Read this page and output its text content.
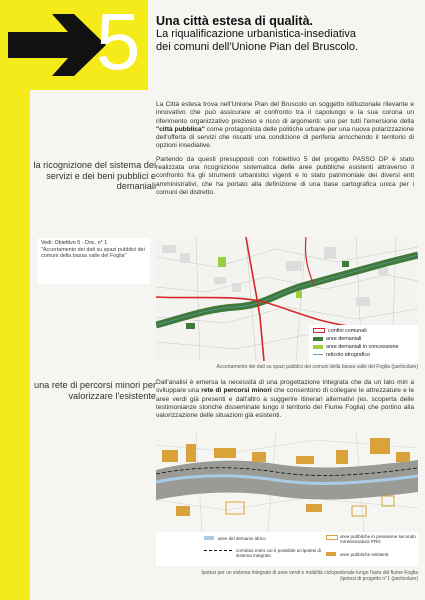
5 Una città estesa di qualità.
La riqualificazione urbanistica-insediativa
dei comuni dell'Unione Pian del Bruscolo.

La Città estesa trova nell'Unione Pian del Bruscolo un soggetto istituzionale rilevante e innovativo che può assicurare al confronto tra il capoluogo e la sua corona un riferimento organizzativo prezioso e ricco di argomenti: uno per tutti l'emersione della "città pubblica" come protagonista delle politiche urbane per una nuova polarizzazione dell'offerta di servizi che riscatti una condizione di periferia arricchendo il territorio di opzioni insediative.

Partendo da questi presupposti con l'obiettivo 5 del progetto PASSO DP è stato realizzata una ricognizione sistematica delle aree pubbliche esistenti attraverso il confronto fra gli strumenti urbanistici vigenti e lo stato patrimoniale dei diversi enti amministrativi, che ha portato alla definizione di una base cartografica unica per i comuni del distretto.

la ricognizione del sistema dei servizi e dei beni pubblici e demaniali
Vedi: Obiettivo 5 - Doc. n° 1
"Accertamento dei dati su spazi pubblici dei comuni della bassa valle del Foglia"
confini comunali
aree demaniali
aree demaniali in concessione
reticolo idrografico
Accertamento dei dati su spazi pubblici dei comuni della bassa valle del Foglia (particolare)
una rete di percorsi minori per valorizzare l'esistente

Dall'analisi è emersa la necessità di una progettazione integrata che da un lato miri a sviluppare una rete di percorsi minori che consentono di collegare le attrezzature e le aree verdi già presenti e dall'altro a suggerire itinerari alternativi (es. scoperta delle testimonianze storiche disseminate lungo il territorio del Fiume Foglia) che portino alla valorizzazione delle situazioni già esistenti.

aree del demanio idrico	aree pubbliche in previsione secondo mmessiciatura PRG
corridoio entro cui è possibile un'ipotesi di sistema integrato	aree pubbliche esistenti
Ipotesi per un sistema integrato di aree verdi e mobilità ciclopedonale lungo l'asta del fiume Foglia
(ipotesi di progetto n°1 (particolare)
